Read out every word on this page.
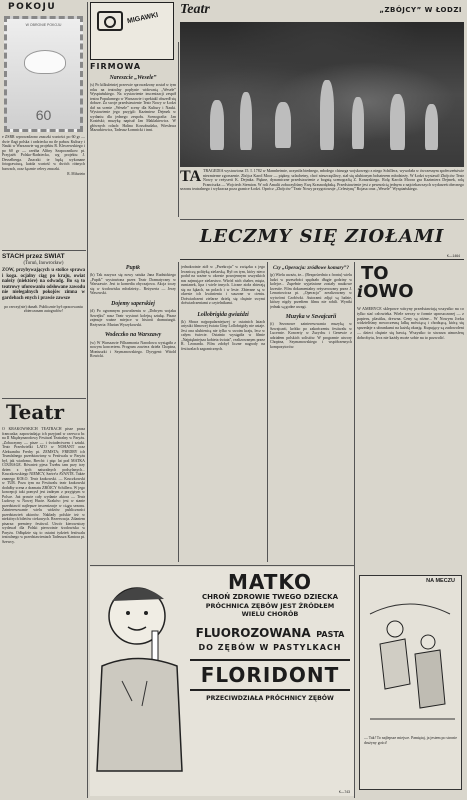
POKOJU
W OBRONIE POKOJU
60
e ZSRR wprowadzono znaczki wartości po 60 gr — dwie flagi polska i radziecka na tle pałacu Kultury i Nauki w Warszawie wg projektu R. Kleczewskiego i po 60 gr — rzeźba Alfiny Szapocznikow pt. Przyjaźń Polsko-Radziecka, wg projektu J. Desselberga. Znaczki te będą wykonane fotograwiurą, każda wartość w dwóch różnych barwach, oraz łącznie celery znaczki.
R. Milsztein
STACH przez ŚWIAT
(Toruń, Inowrocław)
ZOW, przybywających u stolice sprawa i koga. ocjalny ciąg po kraju, owiat należy (niektóre) na odwadg. Bo są to teatrowy uforowaniu odsłowane zawodu nie nielegalnych pokojów zimna w gardebach enych i prawie zawsze
po rzeczy(nie) dunałt. Publicznie był opracowaniu zbierczasam autografów!
Teatr
O KRAKOWSKICH TEATRACH pisze prasa francuska; zapowiadając ich przyjazd w czerwcu br. na II Międzynarodowy Festiwal Teatralny w Paryżu. „Zobaczymy — pisze — i świadectwem i sztuki. Teatr Przedwielki LATO w NOHANT oraz Aleksandra Fredry pt. ZEMSTA; FREDRY ich Trumfalnego przedstawiony w Festiwalu w Paryżu był, jak wiadomo, Brecht: i pięc lat pod MATKA COURAGE. Również pjesa Trzebu tam przy trzy dzien z tych naturalnych podsylanych... Kruczkowskiego NIEMCY, Sartre'a AVANTE. Także znanego KOŁO. Teatr krakowski. — Kruczkowski w TUR. Poza tym na Festiwalu teatr krakowski dodałby scena z dramatu ZBÓJCY Schillera. W jego koncepcji taki pomysł jest żadnym z przyjętym w Polsce. Już prawie cały wydanie aktora — Teatr Ludowy w Nowej Hucie. Kraków: jest w stanie przedstawić najlepsze inscenizacje w ciągu sezonu. Zainteresowanie wielu widzów publiczności przedstawień aktorów. Nakłady polskie też w niektórych biletów ciekawych. Rezerwacja. Zdaniem pisarza: premiery festiwal. Utwór kierowniczy wydawał dla Polski pierwotnie środowiska w Paryżu. Odbędzie się to ostatni tydzień festiwalu teatralnego w przedstawieniach Tadeusza Kantora pt. Szewcy.
MIGAWKI
FIRMOWA
Nareszcie „Wesele”
(s) Po kilkuletniej przerwie sprowadzony został w tym roku na teatralny popłynie widownią „Wesele” Wyspiańskiego. Na wystawienie inscenizacji zespół teatru Popularnego w Warszawie i spektakl obszedł się dobrze. Za swoje przedstawienie Teatr Nowy w Łodzi dał na scenie „Wesele” sceny dla Kultury i Nauki. Wystawienie jego przyjęli: Kazimierz Dejmek w wydaniu dla jednego zespołu. Scenografia: Jan Kosiński; muzykę napisał Jan Maklakiewicz. W głównych rolach: Halina Kossobudzka, Wiesława Mazurkiewicz, Tadeusz Łomnicki i inni.
Teatr	„ZBÓJCY” W ŁODZI
TA TRAGEDIA wystawiona 15. I. 1782 w Mannheimie, uczyniła biednego, młodego chirurga wojskowego z niego Schillera, wywołała w ówczesnym społeczeństwie niezmierne zgorszenie. Zbójca Karol Moor — piękny, szlachetny, choć nieszczęśliwy, stał się ulubionym bohaterem młodzieży. W Łodzi wystawił Zbójców Teatr Nowy w reżyserii K. Dejmka. Piękne, dynamiczne przedstawienie z bogatą scenografią Z. Konarskiego. Rolę Karola Moora gra Kazimierz Dejmek, rolę Franciszka — Wojciech Siemion. W roli Amalii zobaczyliśmy Ewę Krasnodębską. Przedstawienie jest z pewnością jednym z najciekawszych wydarzeń obecnego sezonu teatralnego i wykracza poza granice Łodzi. Oprócz „Zbójców” Teatr Nowy przygotowuje „Celestynę” Rojasa oraz „Wesele” Wyspiańskiego.
LECZMY SIĘ ZIOŁAMI
K—1464
Pupik
(b) Tak nazywa się nowy sztuka Jana Rudnickiego „Pupik” wystawiona przez Teatr Dramatyczny w Warszawie. Jest to komedia obyczajowa. Akcja toczy się w środowisku młodzieży... Reżyseria — Jerzy Wasowski.
Dojemy saperskiej
(d) Po ogromnym powodzeniu w „Dobrym wojaku Szwejku” nasz Teatr wystawi kolejną sztukę. Pisarz zajmuje ważne miejsce w historii dramaturgii. Reżyseria: Marian Wyrzykowski.
Wodeczko na Warszawy
(w) W Warszawie Filharmonia Narodowa wystąpiła z nowym koncertem. Program zawiera dzieła Chopina, Moniuszki i Szymanowskiego. Dyrygent: Witold Rowicki.
jednokrotnie ziół w „Przekroju” w związku z jego leczniczą polityką zielarską. Był on tym, który nieco podał na ważne w okresie powojennym wszystkich nas zajmujące zielarstwo. Wśród nich chaber, mięta, rumianek, lipa i wiele innych. Liczne zioła zbierają się na łąkach, na polach i w lesie. Zbierane są w okresie ich kwitnienia i suszone w cieniu. Doświadczeni zielarze dzielą się chętnie swymi doświadczeniami z czytelnikami.
Lollobrigida gwiaździ
(k) Sława najpopularniejszej w ostatnich latach artystki filmowej świata Giny Lollobrigidy nie ustaje. Jest ona ulubienicą nie tylko w swoim kraju, lecz w całym świecie. Ostatnio wystąpiła w filmie „Najpiękniejsza kobieta świata”, realizowanym przez R. Leonarda. Film zdobył liczne nagrody na festiwalach zagranicznych.
Czy „Operacja: zródłowe komary”?
(p) Wielu uważa, że... (Bezpośrednio z frontu) wielu ludzi w przeszłości spędzało długie godziny w kolejce... Zupełnie wyjaśnione zostały naukowe kwestie. Film dokumentalny reżyserowany przez J. Lenartowicza pt. „Operacja” zrealizowany w wytwórni Czołówki. Autorami zdjęć są ludzie, którzy nigdy przedtem filmu nie robili. Wyniki jednak są godne uwagi.
Muzyka w Szwajcarii
(t) Sezonowe zainteresowania muzyką w Szwajcarii, krótko po zakończeniu festiwalu w Lucernie. Koncerty w Zurychu i Genewie z udziałem polskich solistów. W programie utwory Chopina, Szymanowskiego i współczesnych kompozytorów.
TO
iOWO
W AMERYCE sklepowe witryny przedstawiają wszystko na co tylko stać człowieka. Wiele rzeczy w formie uproszczonej — z papieru, plastiku, drewna. Ceny są różne... W Nowym Jorku widzieliśmy nowoczesną lalkę mówiącą i chodzącą, którą się sprzedaje z ubrankami na każdą okazję. Kupujący są zadowoleni — dzieci chętnie się bawią. Wszystko to stwarza atmosferę dobrobytu, lecz nie każdy może sobie na to pozwolić.
NA MECZU
— Tak! To najlepsze miejsce. Pamiętaj, ja jestem po stronie drużyny gości!
MATKO
CHROŃ ZDROWIE TWEGO DZIECKA
PRÓCHNICA ZĘBÓW JEST ŹRÓDŁEM
WIELU CHORÓB
FLUOROZOWANA PASTA
DO ZĘBÓW W PASTYLKACH
FLORIDONT
PRZECIWDZIAŁA PRÓCHNICY ZĘBÓW
K—743
